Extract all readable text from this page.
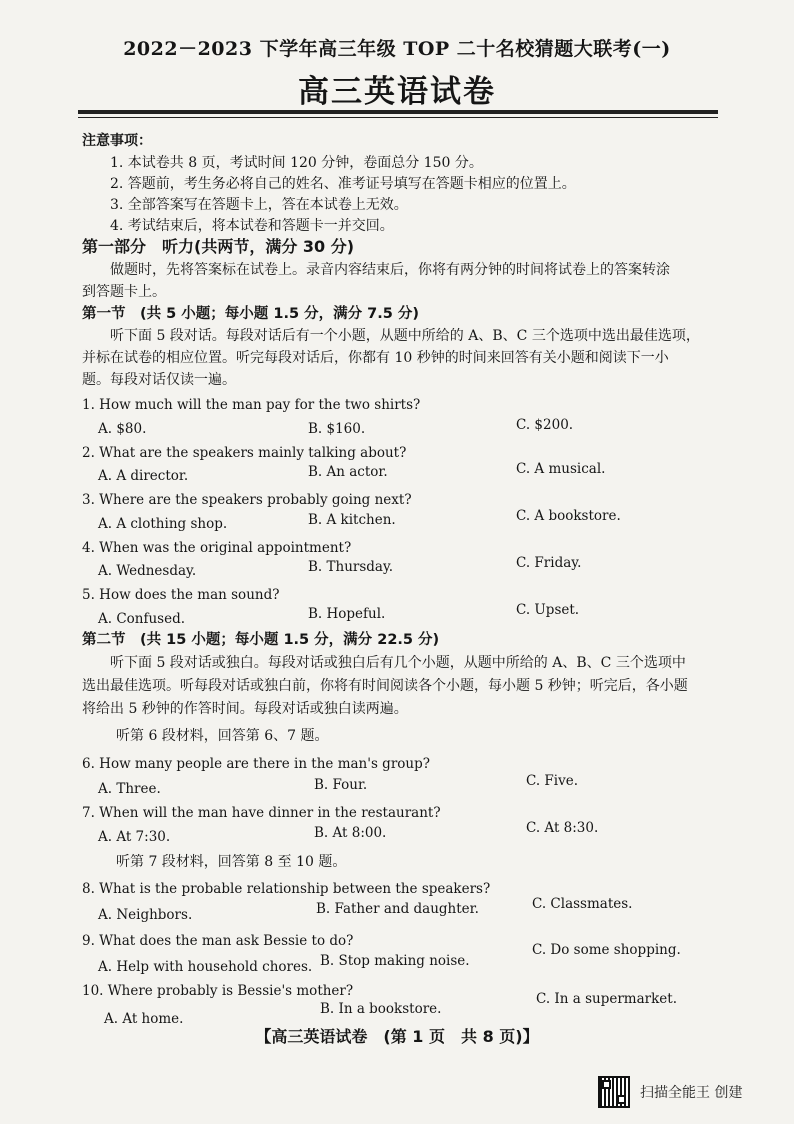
2022－2023 下学年高三年级 TOP 二十名校猜题大联考(一)
高三英语试卷
注意事项：
1. 本试卷共 8 页，考试时间 120 分钟，卷面总分 150 分。
2. 答题前，考生务必将自己的姓名、准考证号填写在答题卡相应的位置上。
3. 全部答案写在答题卡上，答在本试卷上无效。
4. 考试结束后，将本试卷和答题卡一并交回。
第一部分　听力(共两节，满分 30 分)
做题时，先将答案标在试卷上。录音内容结束后，你将有两分钟的时间将试卷上的答案转涂
到答题卡上。
第一节　(共 5 小题；每小题 1.5 分，满分 7.5 分)
听下面 5 段对话。每段对话后有一个小题，从题中所给的 A、B、C 三个选项中选出最佳选项，
并标在试卷的相应位置。听完每段对话后，你都有 10 秒钟的时间来回答有关小题和阅读下一小
题。每段对话仅读一遍。
1. How much will the man pay for the two shirts?
A. $80.	B. $160.	C. $200.
2. What are the speakers mainly talking about?
A. A director.	B. An actor.	C. A musical.
3. Where are the speakers probably going next?
A. A clothing shop.	B. A kitchen.	C. A bookstore.
4. When was the original appointment?
A. Wednesday.	B. Thursday.	C. Friday.
5. How does the man sound?
A. Confused.	B. Hopeful.	C. Upset.
第二节　(共 15 小题；每小题 1.5 分，满分 22.5 分)
听下面 5 段对话或独白。每段对话或独白后有几个小题，从题中所给的 A、B、C 三个选项中
选出最佳选项。听每段对话或独白前，你将有时间阅读各个小题，每小题 5 秒钟；听完后，各小题
将给出 5 秒钟的作答时间。每段对话或独白读两遍。
听第 6 段材料，回答第 6、7 题。
6. How many people are there in the man's group?
A. Three.	B. Four.	C. Five.
7. When will the man have dinner in the restaurant?
A. At 7:30.	B. At 8:00.	C. At 8:30.
听第 7 段材料，回答第 8 至 10 题。
8. What is the probable relationship between the speakers?
A. Neighbors.	B. Father and daughter.	C. Classmates.
9. What does the man ask Bessie to do?
A. Help with household chores. B. Stop making noise.
C. Do some shopping.
10. Where probably is Bessie's mother?
A. At home.
B. In a bookstore.
C. In a supermarket.
【高三英语试卷　(第 1 页　共 8 页)】
扫描全能王 创建
